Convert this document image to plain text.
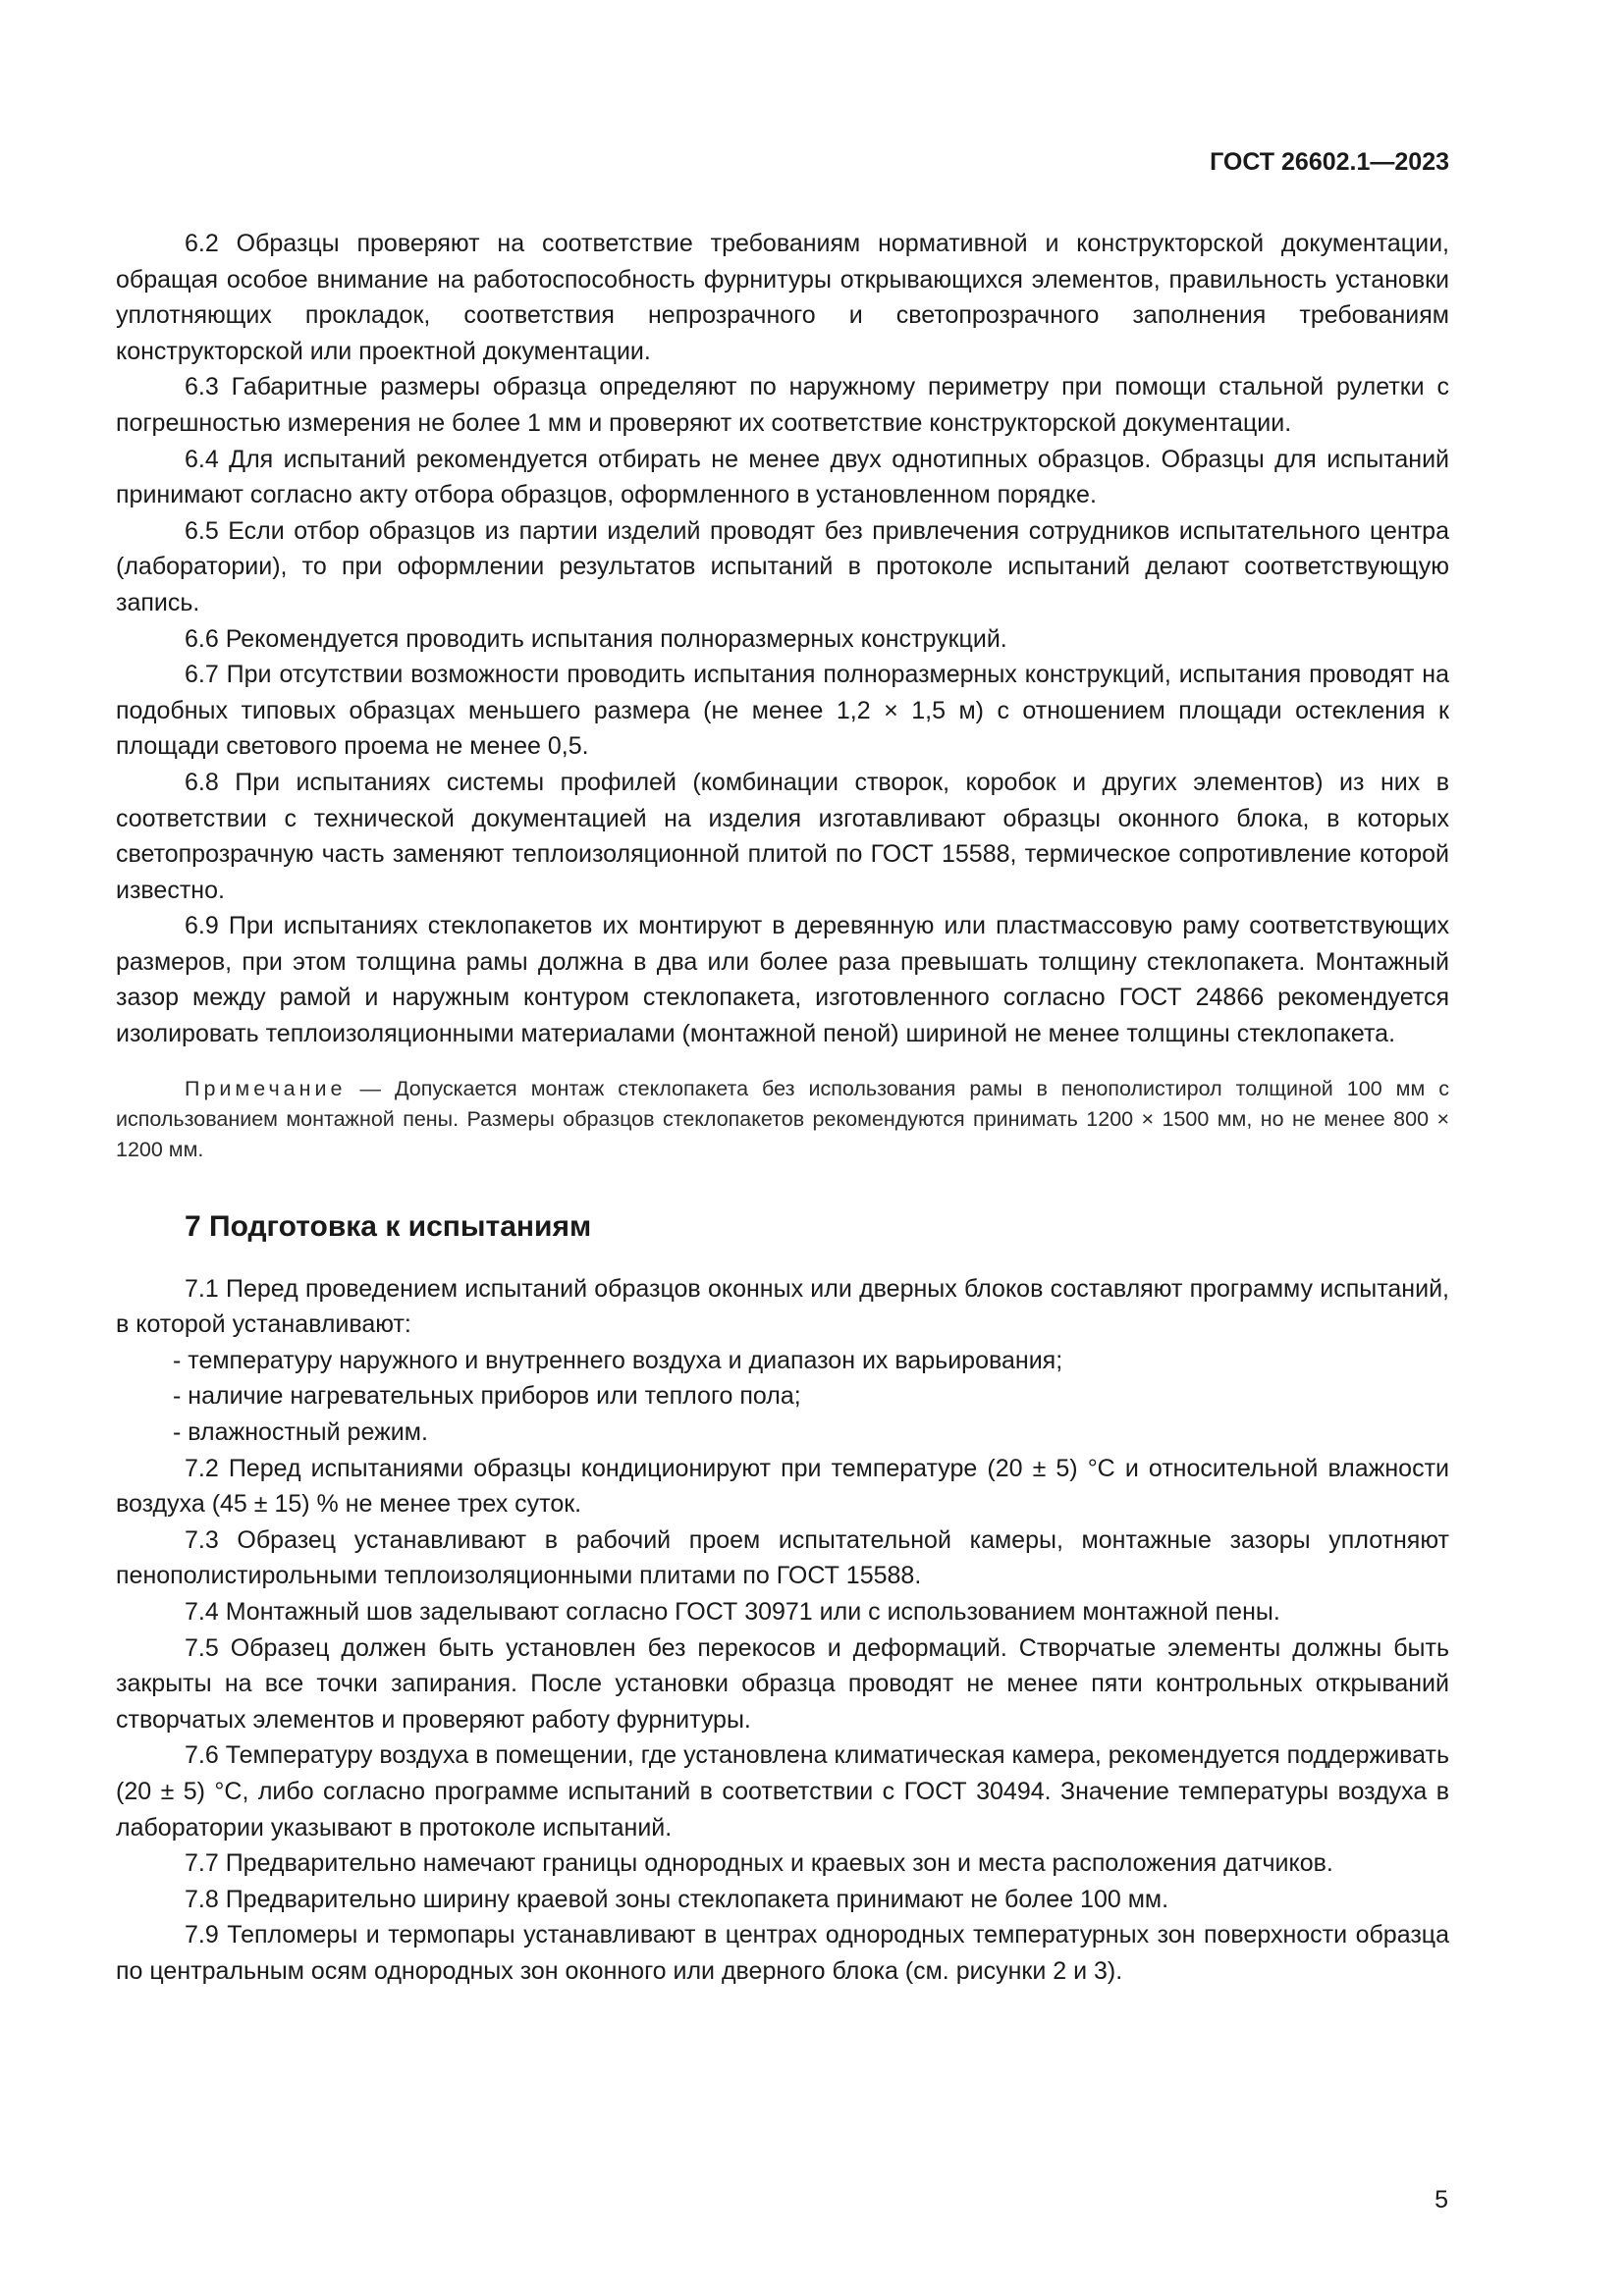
ГОСТ 26602.1—2023

6.2 Образцы проверяют на соответствие требованиям нормативной и конструкторской документации, обращая особое внимание на работоспособность фурнитуры открывающихся элементов, правильность установки уплотняющих прокладок, соответствия непрозрачного и светопрозрачного заполнения требованиям конструкторской или проектной документации.

6.3 Габаритные размеры образца определяют по наружному периметру при помощи стальной рулетки с погрешностью измерения не более 1 мм и проверяют их соответствие конструкторской документации.

6.4 Для испытаний рекомендуется отбирать не менее двух однотипных образцов. Образцы для испытаний принимают согласно акту отбора образцов, оформленного в установленном порядке.

6.5 Если отбор образцов из партии изделий проводят без привлечения сотрудников испытательного центра (лаборатории), то при оформлении результатов испытаний в протоколе испытаний делают соответствующую запись.

6.6 Рекомендуется проводить испытания полноразмерных конструкций.

6.7 При отсутствии возможности проводить испытания полноразмерных конструкций, испытания проводят на подобных типовых образцах меньшего размера (не менее 1,2 × 1,5 м) с отношением площади остекления к площади светового проема не менее 0,5.

6.8 При испытаниях системы профилей (комбинации створок, коробок и других элементов) из них в соответствии с технической документацией на изделия изготавливают образцы оконного блока, в которых светопрозрачную часть заменяют теплоизоляционной плитой по ГОСТ 15588, термическое сопротивление которой известно.

6.9 При испытаниях стеклопакетов их монтируют в деревянную или пластмассовую раму соответствующих размеров, при этом толщина рамы должна в два или более раза превышать толщину стеклопакета. Монтажный зазор между рамой и наружным контуром стеклопакета, изготовленного согласно ГОСТ 24866 рекомендуется изолировать теплоизоляционными материалами (монтажной пеной) шириной не менее толщины стеклопакета.

Примечание — Допускается монтаж стеклопакета без использования рамы в пенополистирол толщиной 100 мм с использованием монтажной пены. Размеры образцов стеклопакетов рекомендуются принимать 1200 × 1500 мм, но не менее 800 × 1200 мм.

7 Подготовка к испытаниям

7.1 Перед проведением испытаний образцов оконных или дверных блоков составляют программу испытаний, в которой устанавливают:

- температуру наружного и внутреннего воздуха и диапазон их варьирования;

- наличие нагревательных приборов или теплого пола;

- влажностный режим.

7.2 Перед испытаниями образцы кондиционируют при температуре (20 ± 5) °С и относительной влажности воздуха (45 ± 15) % не менее трех суток.

7.3 Образец устанавливают в рабочий проем испытательной камеры, монтажные зазоры уплотняют пенополистирольными теплоизоляционными плитами по ГОСТ 15588.

7.4 Монтажный шов заделывают согласно ГОСТ 30971 или с использованием монтажной пены.

7.5 Образец должен быть установлен без перекосов и деформаций. Створчатые элементы должны быть закрыты на все точки запирания. После установки образца проводят не менее пяти контрольных открываний створчатых элементов и проверяют работу фурнитуры.

7.6 Температуру воздуха в помещении, где установлена климатическая камера, рекомендуется поддерживать (20 ± 5) °С, либо согласно программе испытаний в соответствии с ГОСТ 30494. Значение температуры воздуха в лаборатории указывают в протоколе испытаний.

7.7 Предварительно намечают границы однородных и краевых зон и места расположения датчиков.

7.8 Предварительно ширину краевой зоны стеклопакета принимают не более 100 мм.

7.9 Тепломеры и термопары устанавливают в центрах однородных температурных зон поверхности образца по центральным осям однородных зон оконного или дверного блока (см. рисунки 2 и 3).

5
